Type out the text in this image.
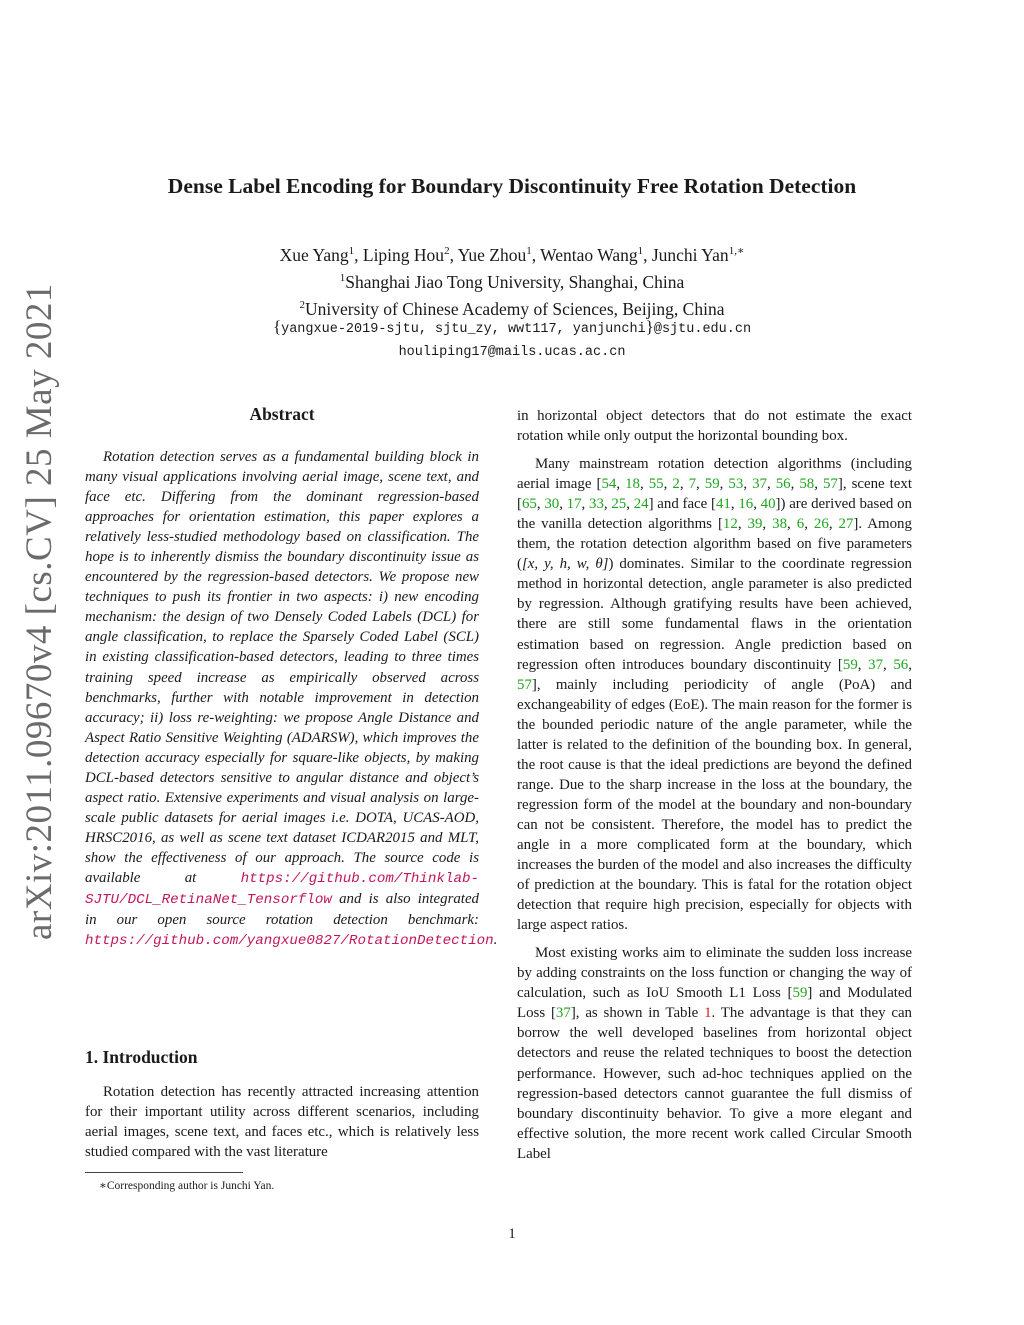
arXiv:2011.09670v4 [cs.CV] 25 May 2021
Dense Label Encoding for Boundary Discontinuity Free Rotation Detection
Xue Yang$^1$, Liping Hou$^2$, Yue Zhou$^1$, Wentao Wang$^1$, Junchi Yan$^{1,∗}$
$^1$Shanghai Jiao Tong University, Shanghai, China
$^2$University of Chinese Academy of Sciences, Beijing, China
{yangxue-2019-sjtu, sjtu_zy, wwt117, yanjunchi}@sjtu.edu.cn
houliping17@mails.ucas.ac.cn
Abstract
Rotation detection serves as a fundamental building block in many visual applications involving aerial image, scene text, and face etc. Differing from the dominant regression-based approaches for orientation estimation, this paper explores a relatively less-studied methodology based on classification. The hope is to inherently dismiss the boundary discontinuity issue as encountered by the regression-based detectors. We propose new techniques to push its frontier in two aspects: i) new encoding mechanism: the design of two Densely Coded Labels (DCL) for angle classification, to replace the Sparsely Coded Label (SCL) in existing classification-based detectors, leading to three times training speed increase as empirically observed across benchmarks, further with notable improvement in detection accuracy; ii) loss re-weighting: we propose Angle Distance and Aspect Ratio Sensitive Weighting (ADARSW), which improves the detection accuracy especially for square-like objects, by making DCL-based detectors sensitive to angular distance and object’s aspect ratio. Extensive experiments and visual analysis on large-scale public datasets for aerial images i.e. DOTA, UCAS-AOD, HRSC2016, as well as scene text dataset ICDAR2015 and MLT, show the effectiveness of our approach. The source code is available at https://github.com/Thinklab-SJTU/DCL_RetinaNet_Tensorflow and is also integrated in our open source rotation detection benchmark: https://github.com/yangxue0827/RotationDetection.
1. Introduction
Rotation detection has recently attracted increasing attention for their important utility across different scenarios, including aerial images, scene text, and faces etc., which is relatively less studied compared with the vast literature
∗Corresponding author is Junchi Yan.

in horizontal object detectors that do not estimate the exact rotation while only output the horizontal bounding box.

Many mainstream rotation detection algorithms (including aerial image [54, 18, 55, 2, 7, 59, 53, 37, 56, 58, 57], scene text [65, 30, 17, 33, 25, 24] and face [41, 16, 40]) are derived based on the vanilla detection algorithms [12, 39, 38, 6, 26, 27]. Among them, the rotation detection algorithm based on five parameters ([x, y, h, w, θ]) dominates. Similar to the coordinate regression method in horizontal detection, angle parameter is also predicted by regression. Although gratifying results have been achieved, there are still some fundamental flaws in the orientation estimation based on regression. Angle prediction based on regression often introduces boundary discontinuity [59, 37, 56, 57], mainly including periodicity of angle (PoA) and exchangeability of edges (EoE). The main reason for the former is the bounded periodic nature of the angle parameter, while the latter is related to the definition of the bounding box. In general, the root cause is that the ideal predictions are beyond the defined range. Due to the sharp increase in the loss at the boundary, the regression form of the model at the boundary and non-boundary can not be consistent. Therefore, the model has to predict the angle in a more complicated form at the boundary, which increases the burden of the model and also increases the difficulty of prediction at the boundary. This is fatal for the rotation object detection that require high precision, especially for objects with large aspect ratios.

Most existing works aim to eliminate the sudden loss increase by adding constraints on the loss function or changing the way of calculation, such as IoU Smooth L1 Loss [59] and Modulated Loss [37], as shown in Table 1. The advantage is that they can borrow the well developed baselines from horizontal object detectors and reuse the related techniques to boost the detection performance. However, such ad-hoc techniques applied on the regression-based detectors cannot guarantee the full dismiss of boundary discontinuity behavior. To give a more elegant and effective solution, the more recent work called Circular Smooth Label

1
